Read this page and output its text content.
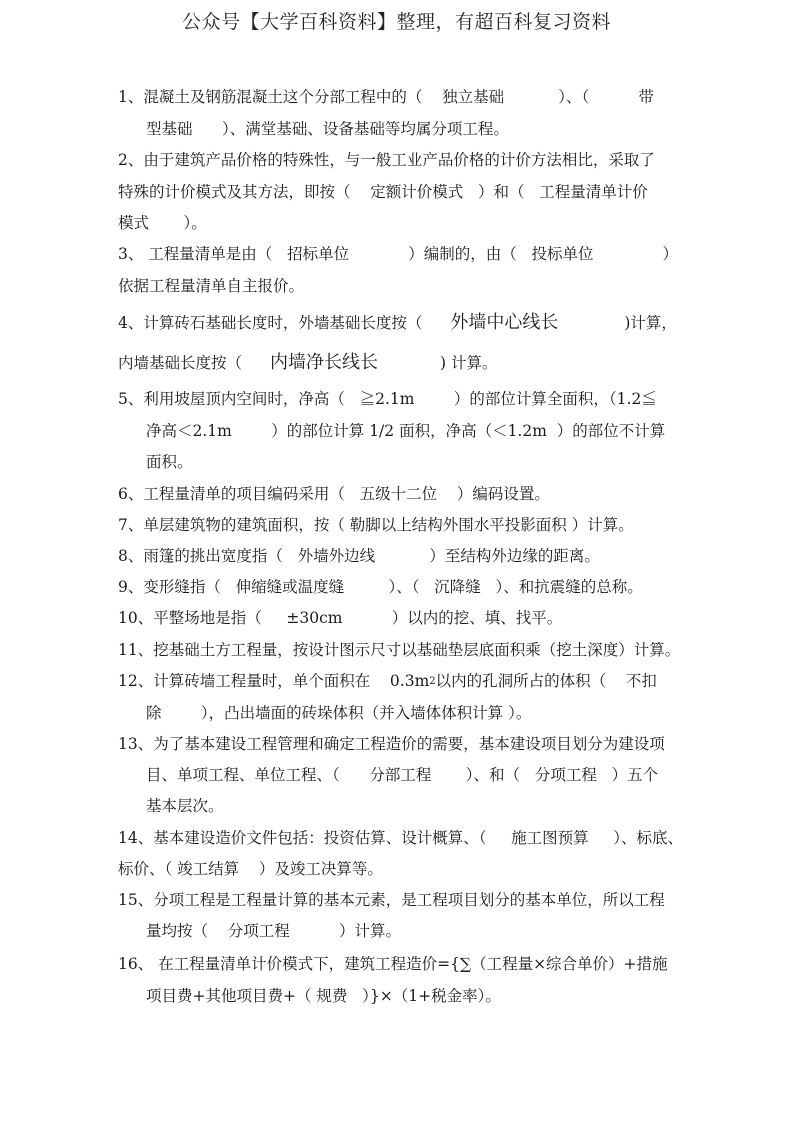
公众号【大学百科资料】整理，有超百科复习资料
1、混凝土及钢筋混凝土这个分部工程中的（    独立基础           ）、（          带
型基础      ）、满堂基础、设备基础等均属分项工程。
2、由于建筑产品价格的特殊性，与一般工业产品价格的计价方法相比，采取了
特殊的计价模式及其方法，即按（    定额计价模式   ）和（   工程量清单计价
模式       ）。
3、 工程量清单是由（   招标单位            ）编制的，由（   投标单位              ）
依据工程量清单自主报价。
4、计算砖石基础长度时，外墙基础长度按（ 外墙中心线长	)计算，
内墙基础长度按（ 内墙净长线长	) 计算。
5、利用坡屋顶内空间时，净高（   ≧2.1m        ）的部位计算全面积，（1.2≦
净高＜2.1m        ）的部位计算 1/2 面积，净高（＜1.2m  ）的部位不计算
面积。
6、工程量清单的项目编码采用（   五级十二位    ）编码设置。
7、单层建筑物的建筑面积，按（ 勒脚以上结构外围水平投影面积 ）计算。
8、雨篷的挑出宽度指（   外墙外边线           ）至结构外边缘的距离。
9、变形缝指（   伸缩缝或温度缝         ）、（   沉降缝   ）、和抗震缝的总称。
10、平整场地是指（     ±30cm          ）以内的挖、填、找平。
11、挖基础土方工程量，按设计图示尺寸以基础垫层底面积乘（挖土深度）计算。
12、计算砖墙工程量时，单个面积在    $0.3m^2$以内的孔洞所占的体积（    不扣
除        ），凸出墙面的砖垛体积（并入墙体体积计算 ）。
13、为了基本建设工程管理和确定工程造价的需要，基本建设项目划分为建设项
目、单项工程、单位工程、（      分部工程       ）、和（   分项工程   ）五个
基本层次。
14、基本建设造价文件包括：投资估算、设计概算、（     施工图预算     ）、标底、
标价、（ 竣工结算    ）及竣工决算等。
15、分项工程是工程量计算的基本元素，是工程项目划分的基本单位，所以工程
量均按（    分项工程          ）计算。
16、 在工程量清单计价模式下，建筑工程造价={∑（工程量×综合单价）+措施
项目费+其他项目费+（ 规费   ）}×（1+税金率）。
